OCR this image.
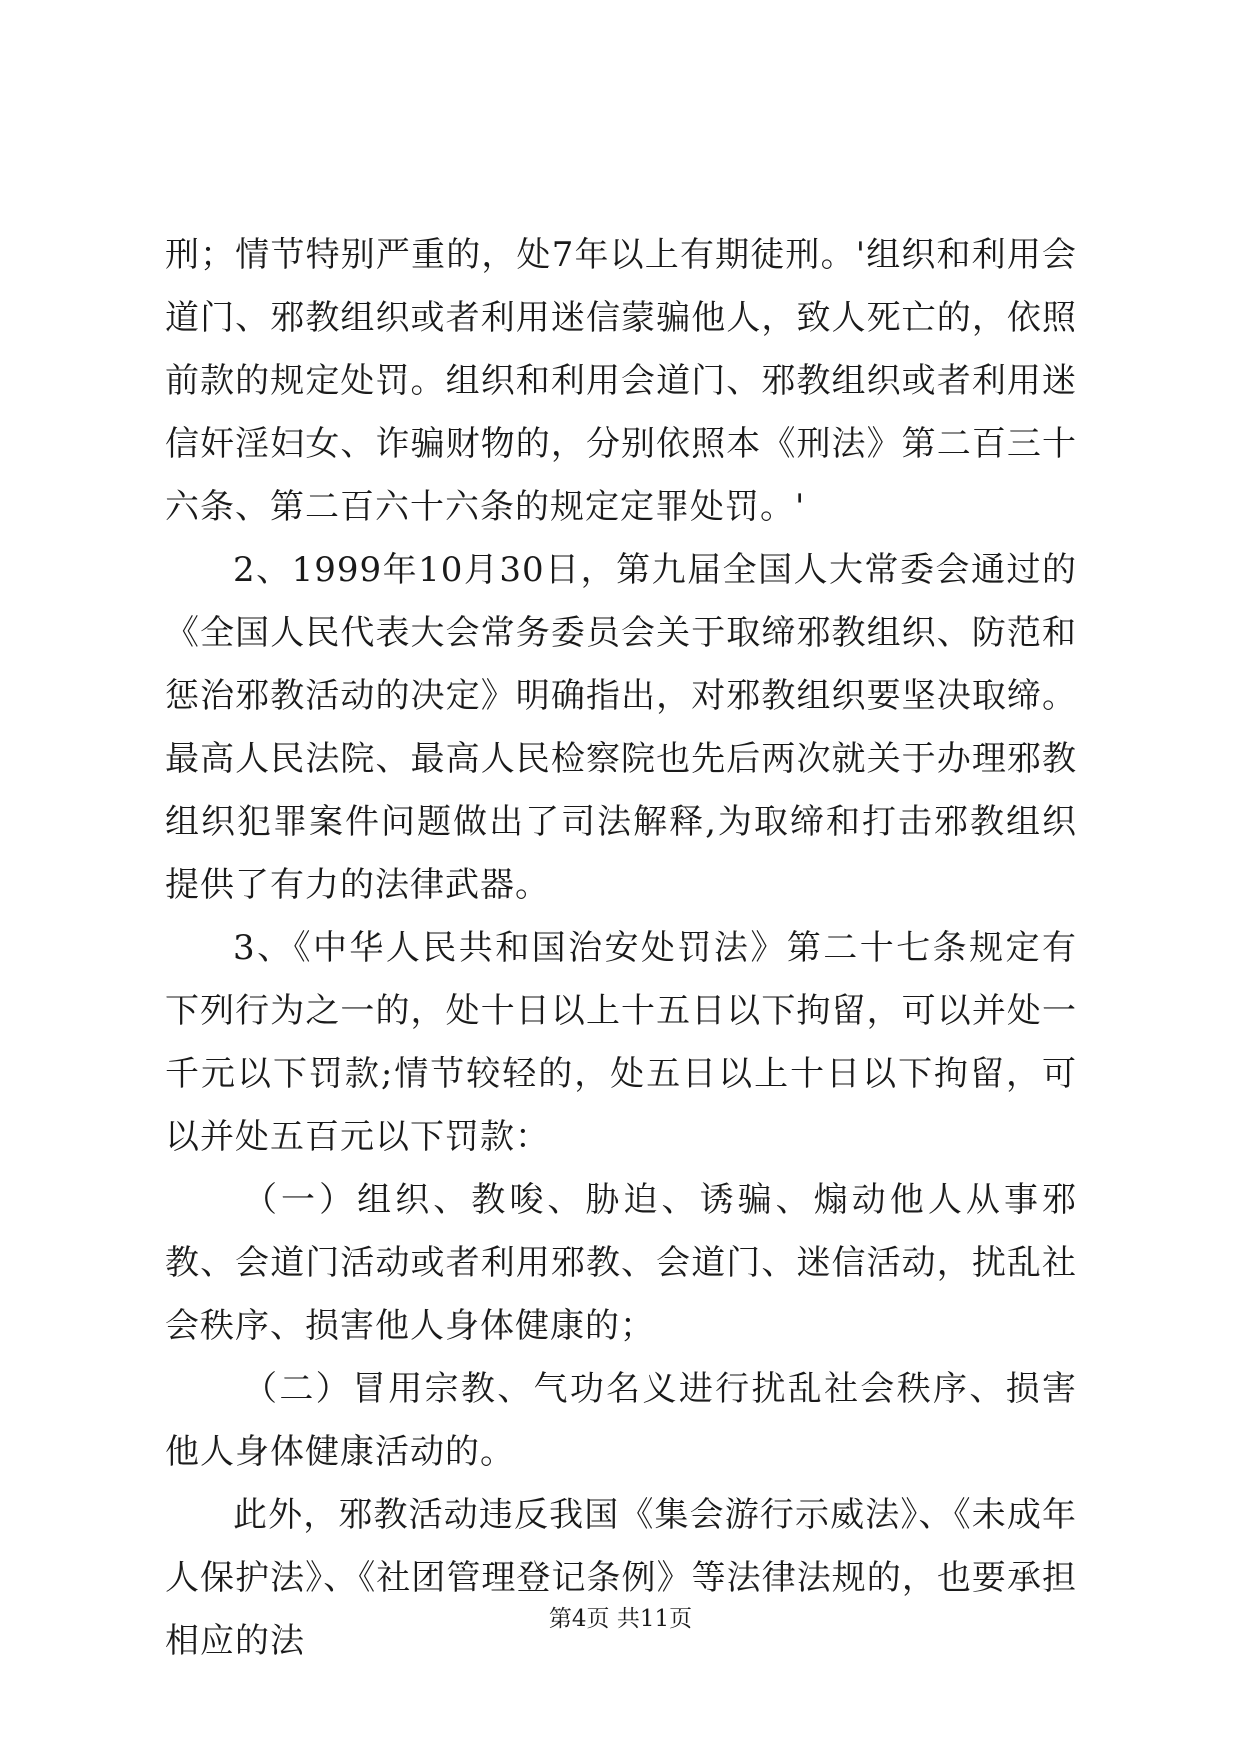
刑；情节特别严重的，处7年以上有期徒刑。'组织和利用会道门、邪教组织或者利用迷信蒙骗他人，致人死亡的，依照前款的规定处罚。组织和利用会道门、邪教组织或者利用迷信奸淫妇女、诈骗财物的，分别依照本《刑法》第二百三十六条、第二百六十六条的规定定罪处罚。'

2、1999年10月30日，第九届全国人大常委会通过的《全国人民代表大会常务委员会关于取缔邪教组织、防范和惩治邪教活动的决定》明确指出，对邪教组织要坚决取缔。最高人民法院、最高人民检察院也先后两次就关于办理邪教组织犯罪案件问题做出了司法解释,为取缔和打击邪教组织提供了有力的法律武器。

3、《中华人民共和国治安处罚法》第二十七条规定有下列行为之一的，处十日以上十五日以下拘留，可以并处一千元以下罚款;情节较轻的，处五日以上十日以下拘留，可以并处五百元以下罚款：

（一）组织、教唆、胁迫、诱骗、煽动他人从事邪教、会道门活动或者利用邪教、会道门、迷信活动，扰乱社会秩序、损害他人身体健康的；

（二）冒用宗教、气功名义进行扰乱社会秩序、损害他人身体健康活动的。

此外，邪教活动违反我国《集会游行示威法》、《未成年人保护法》、《社团管理登记条例》等法律法规的，也要承担相应的法

第4页 共11页
